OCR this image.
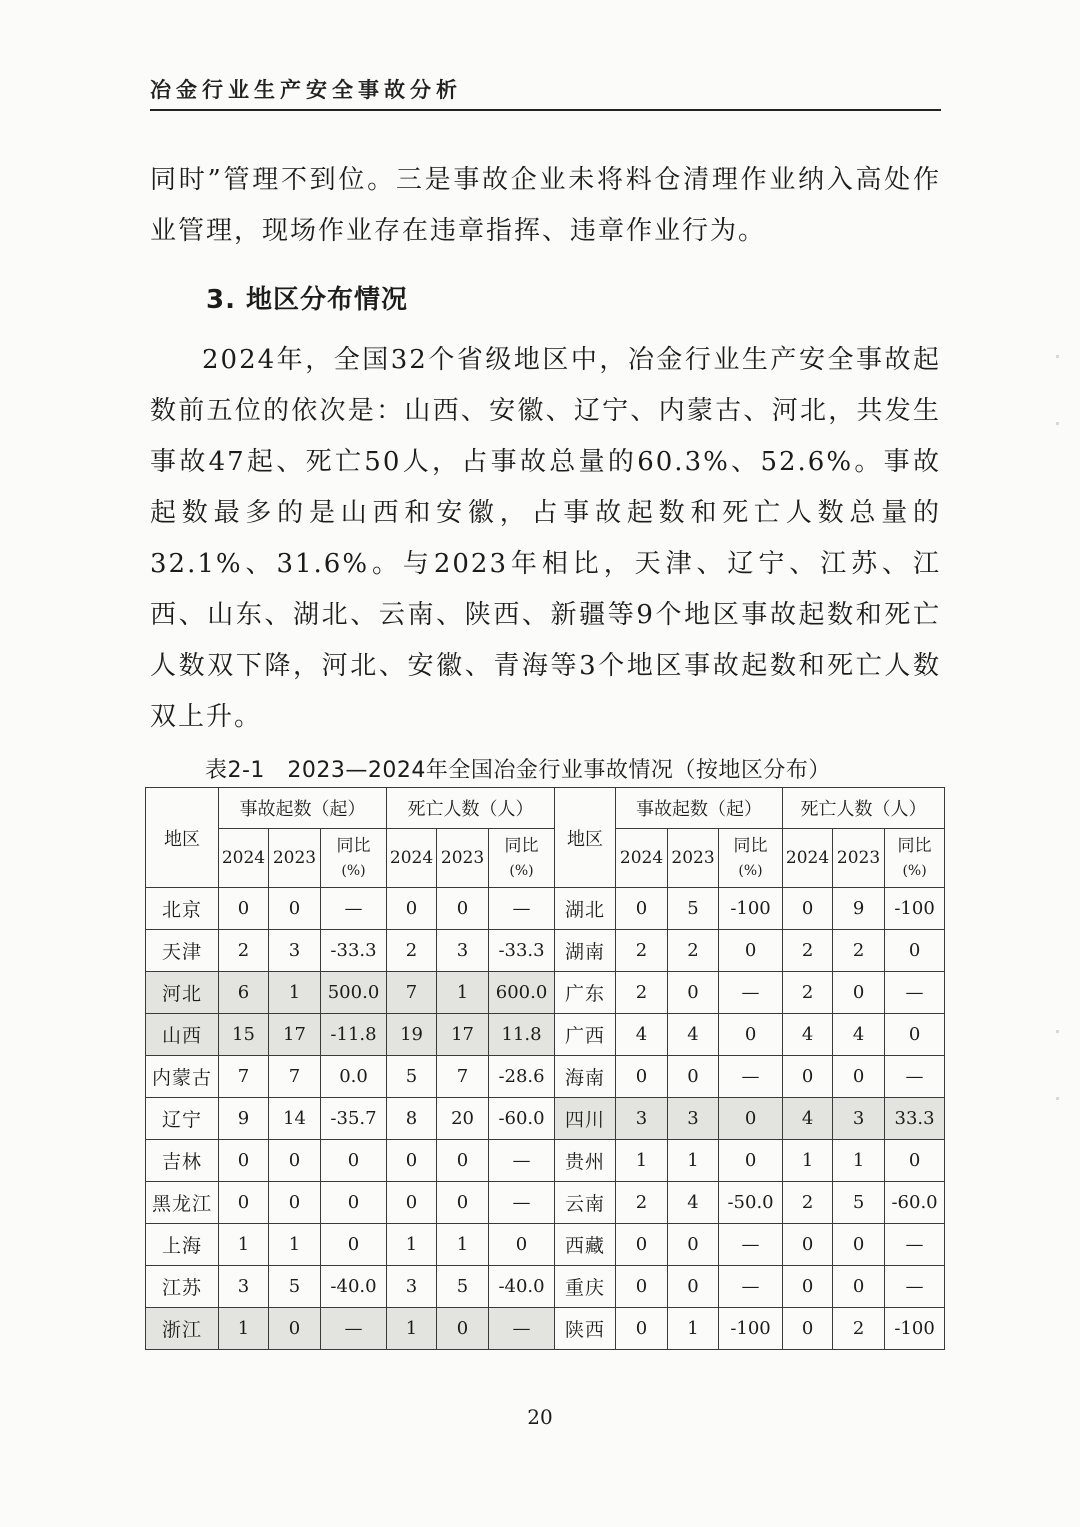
冶金行业生产安全事故分析

同时”管理不到位。三是事故企业未将料仓清理作业纳入高处作业管理，现场作业存在违章指挥、违章作业行为。

3. 地区分布情况

2024年，全国32个省级地区中，冶金行业生产安全事故起数前五位的依次是：山西、安徽、辽宁、内蒙古、河北，共发生事故47起、死亡50人，占事故总量的60.3%、52.6%。事故起数最多的是山西和安徽，占事故起数和死亡人数总量的32.1%、31.6%。与2023年相比，天津、辽宁、江苏、江西、山东、湖北、云南、陕西、新疆等9个地区事故起数和死亡人数双下降，河北、安徽、青海等3个地区事故起数和死亡人数双上升。

表2-1　2023—2024年全国冶金行业事故情况（按地区分布）
地区	事故起数（起）			死亡人数（人）			地区	事故起数（起）			死亡人数（人）		
	2024	2023	同比
(%)	2024	2023	同比
(%)		2024	2023	同比
(%)	2024	2023	同比
(%)
北京	0	0	—	0	0	—	湖北	0	5	-100	0	9	-100
天津	2	3	-33.3	2	3	-33.3	湖南	2	2	0	2	2	0
河北	6	1	500.0	7	1	600.0	广东	2	0	—	2	0	—
山西	15	17	-11.8	19	17	11.8	广西	4	4	0	4	4	0
内蒙古	7	7	0.0	5	7	-28.6	海南	0	0	—	0	0	—
辽宁	9	14	-35.7	8	20	-60.0	四川	3	3	0	4	3	33.3
吉林	0	0	0	0	0	—	贵州	1	1	0	1	1	0
黑龙江	0	0	0	0	0	—	云南	2	4	-50.0	2	5	-60.0
上海	1	1	0	1	1	0	西藏	0	0	—	0	0	—
江苏	3	5	-40.0	3	5	-40.0	重庆	0	0	—	0	0	—
浙江	1	0	—	1	0	—	陕西	0	1	-100	0	2	-100
20
